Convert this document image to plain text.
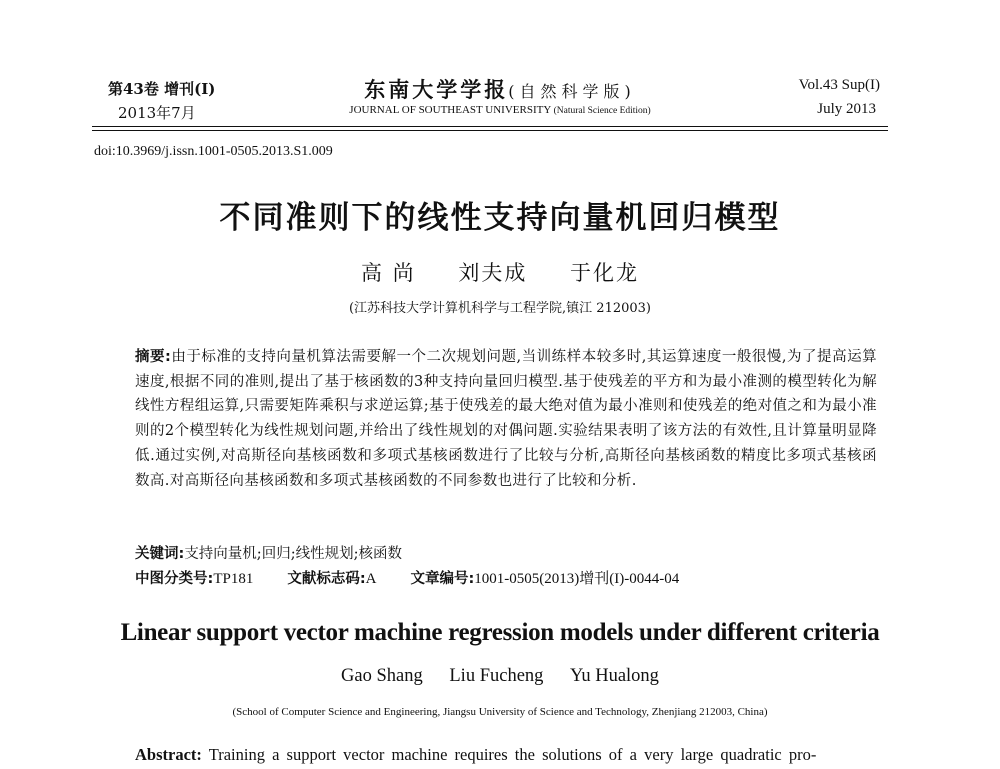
第43卷 增刊(I)
2013年7月
东南大学学报(自然科学版)
JOURNAL OF SOUTHEAST UNIVERSITY (Natural Science Edition)
Vol.43 Sup(I)
July 2013
doi:10.3969/j.issn.1001-0505.2013.S1.009
不同准则下的线性支持向量机回归模型
高 尚 刘夫成 于化龙
(江苏科技大学计算机科学与工程学院,镇江 212003)
摘要:由于标准的支持向量机算法需要解一个二次规划问题,当训练样本较多时,其运算速度一般很慢,为了提高运算速度,根据不同的准则,提出了基于核函数的3种支持向量回归模型.基于使残差的平方和为最小准测的模型转化为解线性方程组运算,只需要矩阵乘积与求逆运算;基于使残差的最大绝对值为最小准则和使残差的绝对值之和为最小准则的2个模型转化为线性规划问题,并给出了线性规划的对偶问题.实验结果表明了该方法的有效性,且计算量明显降低.通过实例,对高斯径向基核函数和多项式基核函数进行了比较与分析,高斯径向基核函数的精度比多项式基核函数高.对高斯径向基核函数和多项式基核函数的不同参数也进行了比较和分析.
关键词:支持向量机;回归;线性规划;核函数
中图分类号:TP181 文献标志码:A 文章编号:1001-0505(2013)增刊(I)-0044-04
Linear support vector machine regression models under different criteria
Gao Shang Liu Fucheng Yu Hualong
(School of Computer Science and Engineering, Jiangsu University of Science and Technology, Zhenjiang 212003, China)
Abstract: Training a support vector machine requires the solutions of a very large quadratic pro-
